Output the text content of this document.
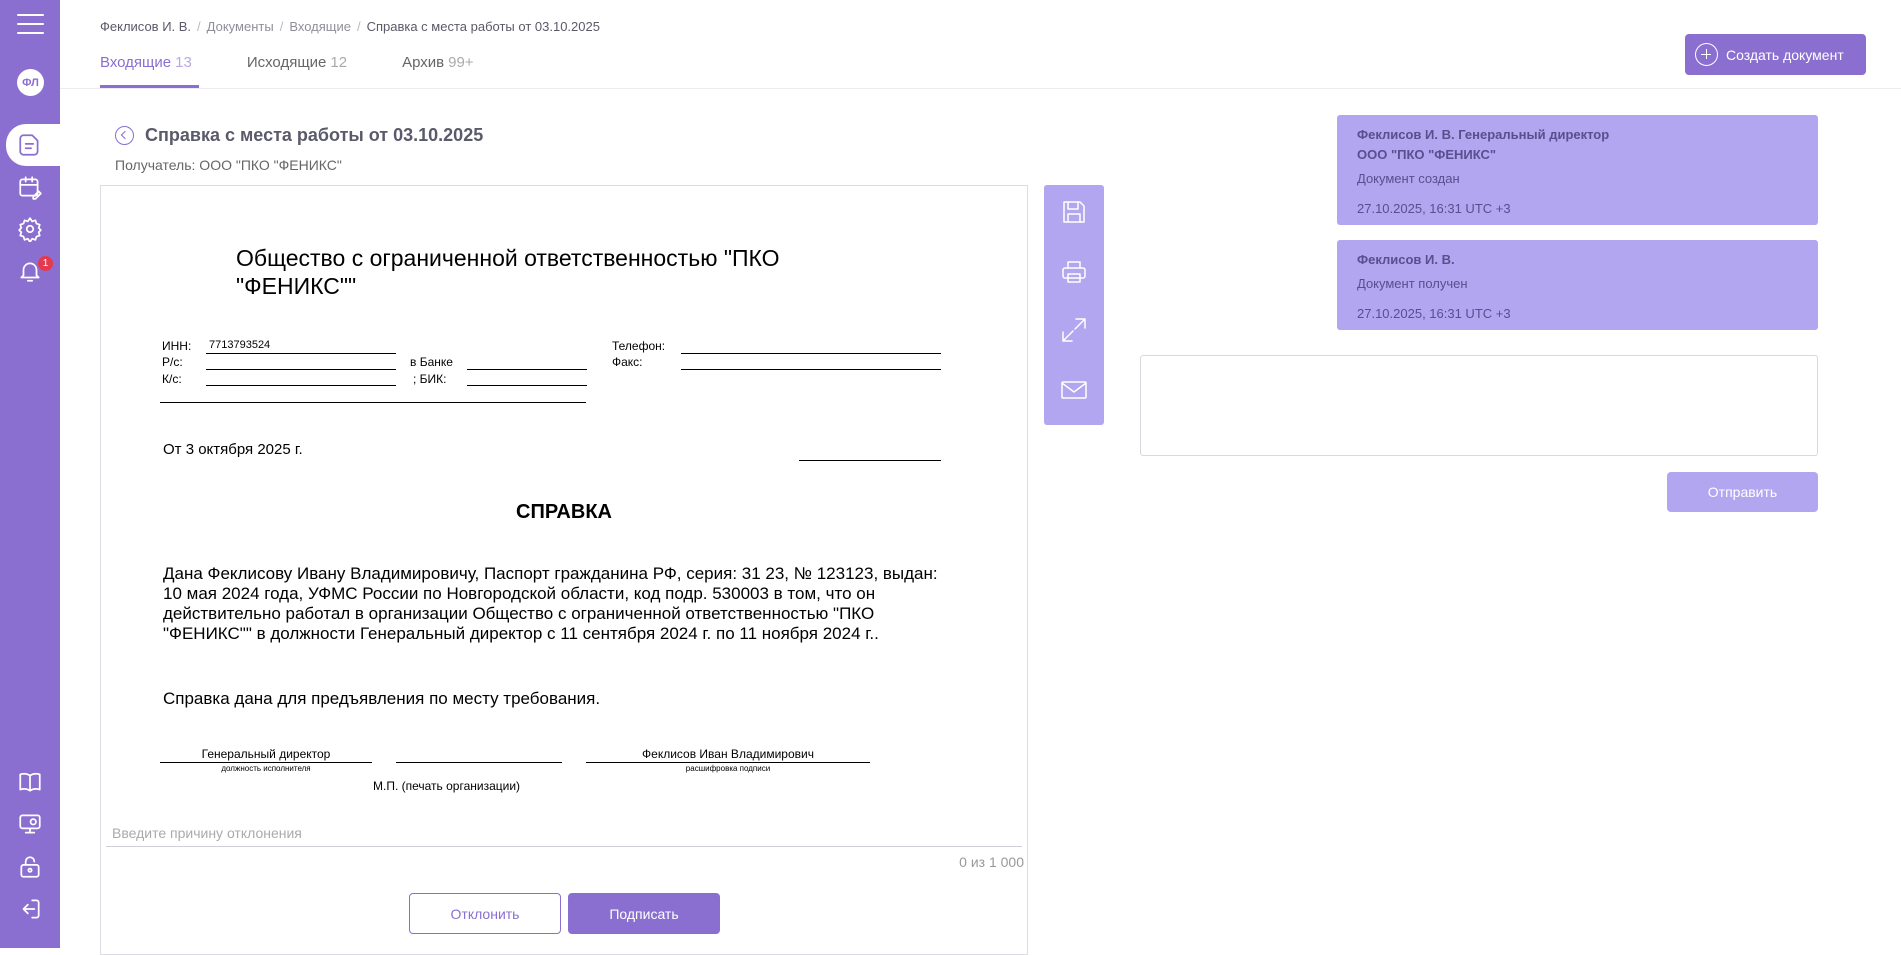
ФЛ
1
Феклисов И. В. / Документы / Входящие / Справка с места работы от 03.10.2025
Входящие 13	Исходящие 12	Архив 99+	Создать документ
Справка с места работы от 03.10.2025
Получатель: ООО "ПКО "ФЕНИКС"
Общество с ограниченной ответственностью "ПКО "ФЕНИКС""
ИНН: 7713793524
Р/с:
К/с:
в Банке
; БИК:
Телефон:
Факс:
От 3 октября 2025 г.
СПРАВКА
Дана Феклисову Ивану Владимировичу, Паспорт гражданина РФ, серия: 31 23, № 123123, выдан: 10 мая 2024 года, УФМС России по Новгородской области, код подр. 530003 в том, что он действительно работал в организации Общество с ограниченной ответственностью "ПКО "ФЕНИКС"" в должности Генеральный директор с 11 сентября 2024 г. по 11 ноября 2024 г..
Справка дана для предъявления по месту требования.
Генеральный директор
должность исполнителя
Феклисов Иван Владимирович
расшифровка подписи
М.П. (печать организации)
Введите причину отклонения
0 из 1 000
Отклонить	Подписать
Феклисов И. В. Генеральный директор
ООО "ПКО "ФЕНИКС"
Документ создан
27.10.2025, 16:31 UTC +3
Феклисов И. В.
Документ получен
27.10.2025, 16:31 UTC +3
Отправить
